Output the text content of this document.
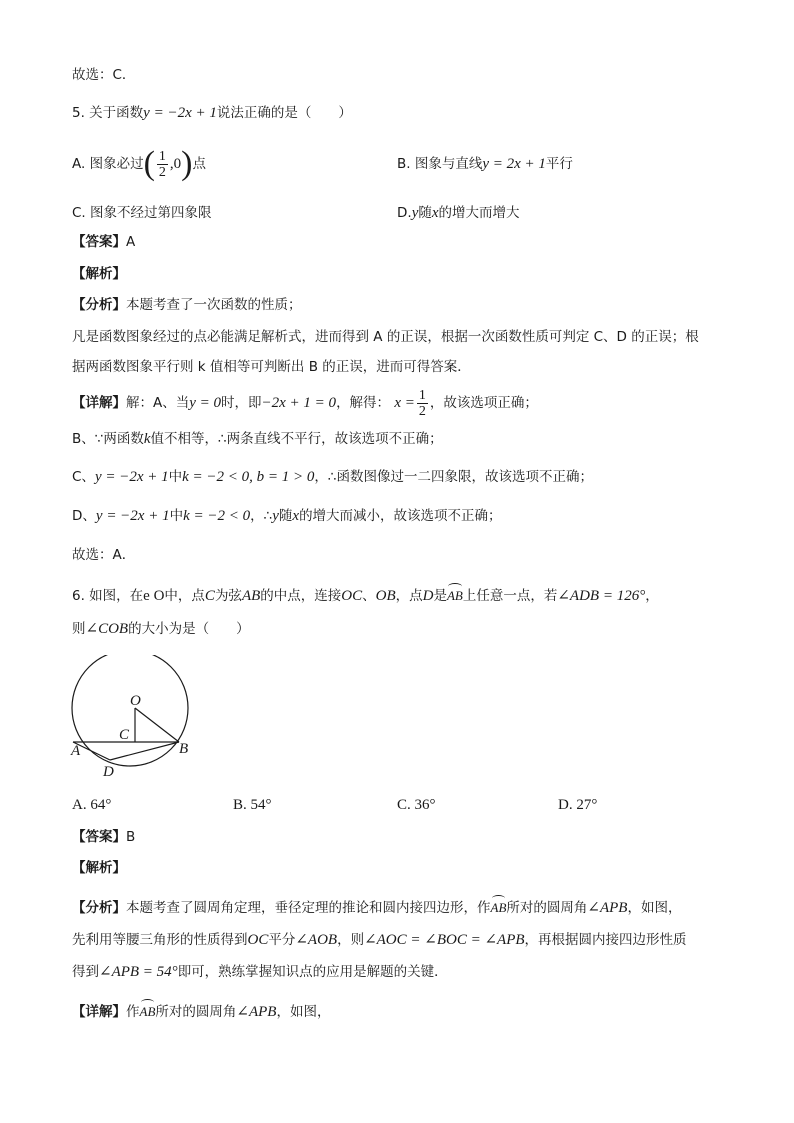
故选：C．
5. 关于函数y = −2x + 1说法正确的是（　　）
A. 图象必过( $\frac{1}{2} ,0$)点	B. 图象与直线y = 2x + 1平行
C. 图象不经过第四象限	D.y随x的增大而增大
【答案】A
【解析】
【分析】本题考查了一次函数的性质；
凡是函数图象经过的点必能满足解析式，进而得到 A 的正误，根据一次函数性质可判定 C、D 的正误；根
据两函数图象平行则 k 值相等可判断出 B 的正误，进而可得答案．
【详解】解：A、当y = 0时，即−2x + 1 = 0，解得： $x = \frac{1}{2}$ ，故该选项正确；
B、∵两函数k值不相等，∴两条直线不平行，故该选项不正确；
C、y = −2x + 1中k = −2 < 0, b = 1 > 0，∴函数图像过一二四象限，故该选项不正确；
D、y = −2x + 1中k = −2 < 0，∴y随x的增大而减小，故该选项不正确；
故选：A．
6. 如图，在e O中，点C为弦AB的中点，连接OC、OB，点D是AB上任意一点，若∠ADB = 126°，
则∠COB的大小为是（　　）
O
C
A	B
D
A. 64°	B. 54°	C. 36°	D. 27°
【答案】B
【解析】
【分析】本题考查了圆周角定理，垂径定理的推论和圆内接四边形，作AB所对的圆周角∠APB，如图，
先利用等腰三角形的性质得到OC平分∠AOB，则∠AOC = ∠BOC = ∠APB，再根据圆内接四边形性质
得到∠APB = 54°即可，熟练掌握知识点的应用是解题的关键．
【详解】作AB所对的圆周角∠APB，如图，
